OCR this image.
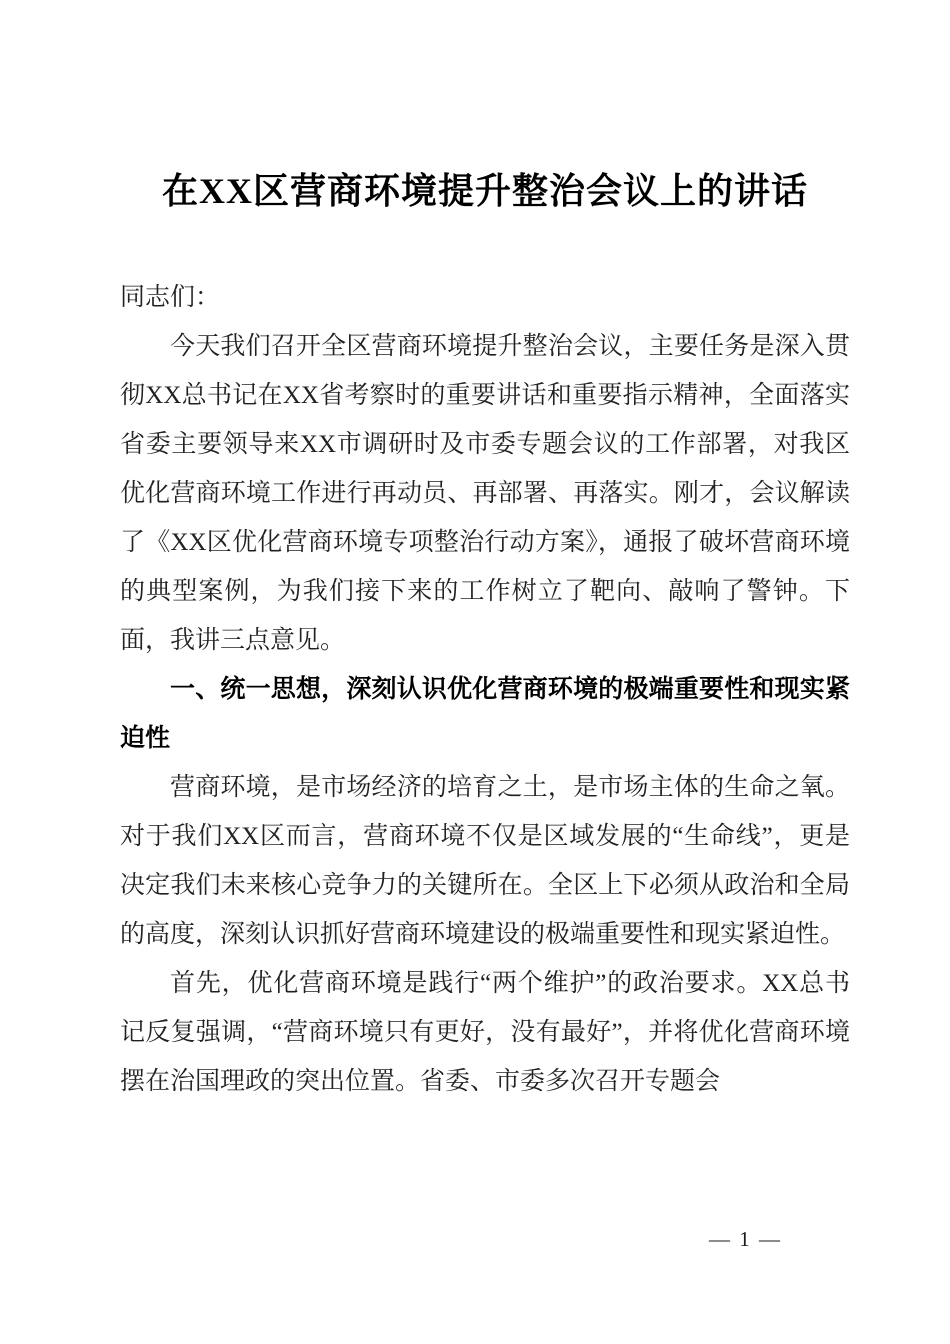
在XX区营商环境提升整治会议上的讲话

同志们：

今天我们召开全区营商环境提升整治会议，主要任务是深入贯彻XX总书记在XX省考察时的重要讲话和重要指示精神，全面落实省委主要领导来XX市调研时及市委专题会议的工作部署，对我区优化营商环境工作进行再动员、再部署、再落实。刚才，会议解读了《XX区优化营商环境专项整治行动方案》，通报了破坏营商环境的典型案例，为我们接下来的工作树立了靶向、敲响了警钟。下面，我讲三点意见。

一、统一思想，深刻认识优化营商环境的极端重要性和现实紧迫性

营商环境，是市场经济的培育之土，是市场主体的生命之氧。对于我们XX区而言，营商环境不仅是区域发展的“生命线”，更是决定我们未来核心竞争力的关键所在。全区上下必须从政治和全局的高度，深刻认识抓好营商环境建设的极端重要性和现实紧迫性。

首先，优化营商环境是践行“两个维护”的政治要求。XX总书记反复强调，“营商环境只有更好，没有最好”，并将优化营商环境摆在治国理政的突出位置。省委、市委多次召开专题会

— 1 —
